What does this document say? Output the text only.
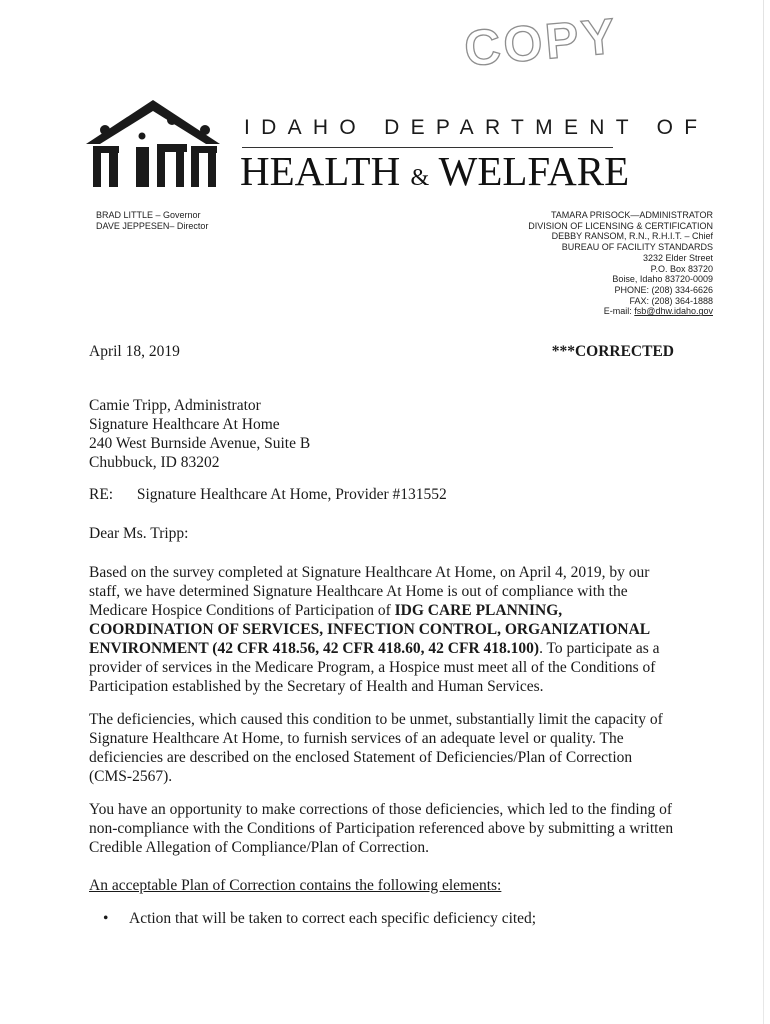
COPY
IDAHO DEPARTMENT OF
HEALTH & WELFARE
BRAD LITTLE – Governor
DAVE JEPPESEN– Director
TAMARA PRISOCK—ADMINISTRATOR
DIVISION OF LICENSING & CERTIFICATION
DEBBY RANSOM, R.N., R.H.I.T. – Chief
BUREAU OF FACILITY STANDARDS
3232 Elder Street
P.O. Box 83720
Boise, Idaho 83720-0009
PHONE: (208) 334-6626
FAX: (208) 364-1888
E-mail: fsb@dhw.idaho.gov
April 18, 2019	***CORRECTED
Camie Tripp, Administrator
Signature Healthcare At Home
240 West Burnside Avenue, Suite B
Chubbuck, ID 83202
RE: Signature Healthcare At Home, Provider #131552
Dear Ms. Tripp:

Based on the survey completed at Signature Healthcare At Home, on April 4, 2019, by our staff, we have determined Signature Healthcare At Home is out of compliance with the Medicare Hospice Conditions of Participation of IDG CARE PLANNING, COORDINATION OF SERVICES, INFECTION CONTROL, ORGANIZATIONAL ENVIRONMENT (42 CFR 418.56, 42 CFR 418.60, 42 CFR 418.100). To participate as a provider of services in the Medicare Program, a Hospice must meet all of the Conditions of Participation established by the Secretary of Health and Human Services.

The deficiencies, which caused this condition to be unmet, substantially limit the capacity of Signature Healthcare At Home, to furnish services of an adequate level or quality. The deficiencies are described on the enclosed Statement of Deficiencies/Plan of Correction (CMS-2567).

You have an opportunity to make corrections of those deficiencies, which led to the finding of non-compliance with the Conditions of Participation referenced above by submitting a written Credible Allegation of Compliance/Plan of Correction.

An acceptable Plan of Correction contains the following elements:
• Action that will be taken to correct each specific deficiency cited;
